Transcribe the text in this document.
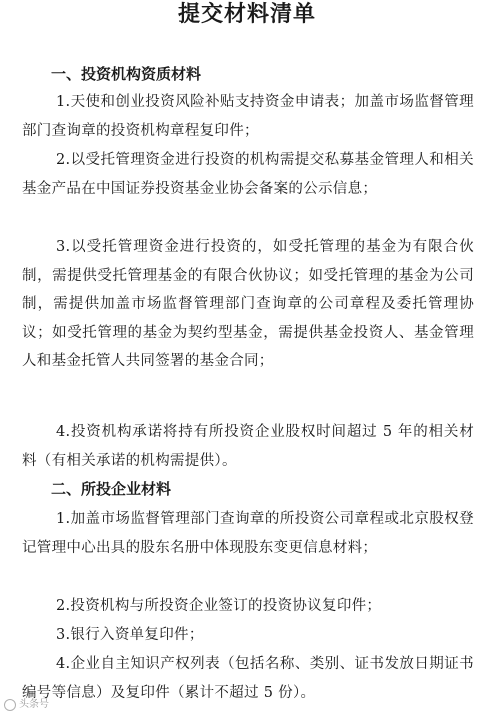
提交材料清单
一、投资机构资质材料

1.天使和创业投资风险补贴支持资金申请表；加盖市场监督管理部门查询章的投资机构章程复印件；

2.以受托管理资金进行投资的机构需提交私募基金管理人和相关基金产品在中国证券投资基金业协会备案的公示信息；

3.以受托管理资金进行投资的，如受托管理的基金为有限合伙制，需提供受托管理基金的有限合伙协议；如受托管理的基金为公司制，需提供加盖市场监督管理部门查询章的公司章程及委托管理协议；如受托管理的基金为契约型基金，需提供基金投资人、基金管理人和基金托管人共同签署的基金合同；

4.投资机构承诺将持有所投资企业股权时间超过 5 年的相关材料（有相关承诺的机构需提供）。

二、所投企业材料

1.加盖市场监督管理部门查询章的所投资公司章程或北京股权登记管理中心出具的股东名册中体现股东变更信息材料；

2.投资机构与所投资企业签订的投资协议复印件；

3.银行入资单复印件；

4.企业自主知识产权列表（包括名称、类别、证书发放日期证书编号等信息）及复印件（累计不超过 5 份）。

头条号
